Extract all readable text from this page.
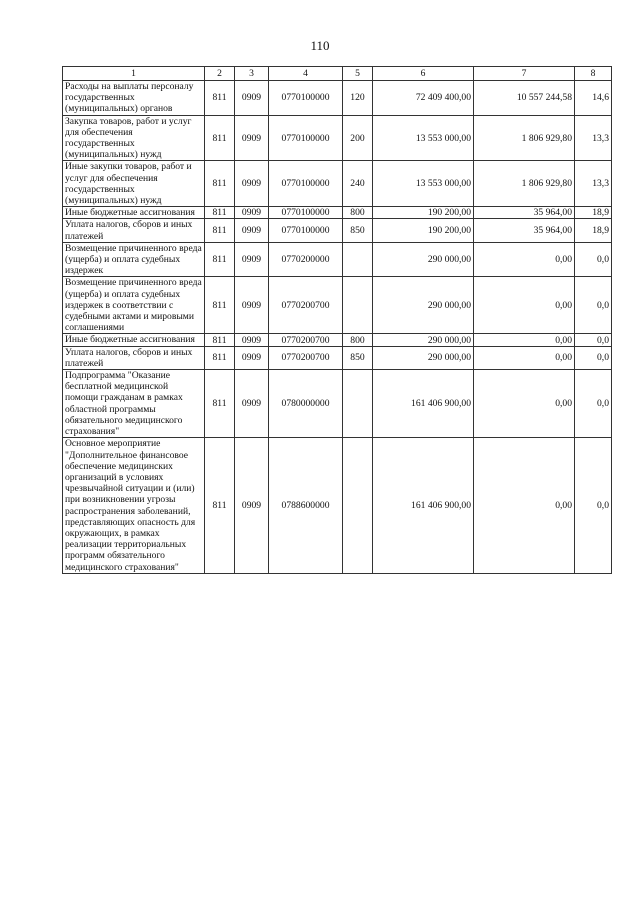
110
1	2	3	4	5	6	7	8
Расходы на выплаты персоналу государственных (муниципальных) органов	811	0909	0770100000	120	72 409 400,00	10 557 244,58	14,6
Закупка товаров, работ и услуг для обеспечения государственных (муниципальных) нужд	811	0909	0770100000	200	13 553 000,00	1 806 929,80	13,3
Иные закупки товаров, работ и услуг для обеспечения государственных (муниципальных) нужд	811	0909	0770100000	240	13 553 000,00	1 806 929,80	13,3
Иные бюджетные ассигнования	811	0909	0770100000	800	190 200,00	35 964,00	18,9
Уплата налогов, сборов и иных платежей	811	0909	0770100000	850	190 200,00	35 964,00	18,9
Возмещение причиненного вреда (ущерба) и оплата судебных издержек	811	0909	0770200000		290 000,00	0,00	0,0
Возмещение причиненного вреда (ущерба) и оплата судебных издержек в соответствии с судебными актами и мировыми соглашениями	811	0909	0770200700		290 000,00	0,00	0,0
Иные бюджетные ассигнования	811	0909	0770200700	800	290 000,00	0,00	0,0
Уплата налогов, сборов и иных платежей	811	0909	0770200700	850	290 000,00	0,00	0,0
Подпрограмма "Оказание бесплатной медицинской помощи гражданам в рамках областной программы обязательного медицинского страхования"	811	0909	0780000000		161 406 900,00	0,00	0,0
Основное мероприятие "Дополнительное финансовое обеспечение медицинских организаций в условиях чрезвычайной ситуации и (или) при возникновении угрозы распространения заболеваний, представляющих опасность для окружающих, в рамках реализации территориальных программ обязательного медицинского страхования"	811	0909	0788600000		161 406 900,00	0,00	0,0
